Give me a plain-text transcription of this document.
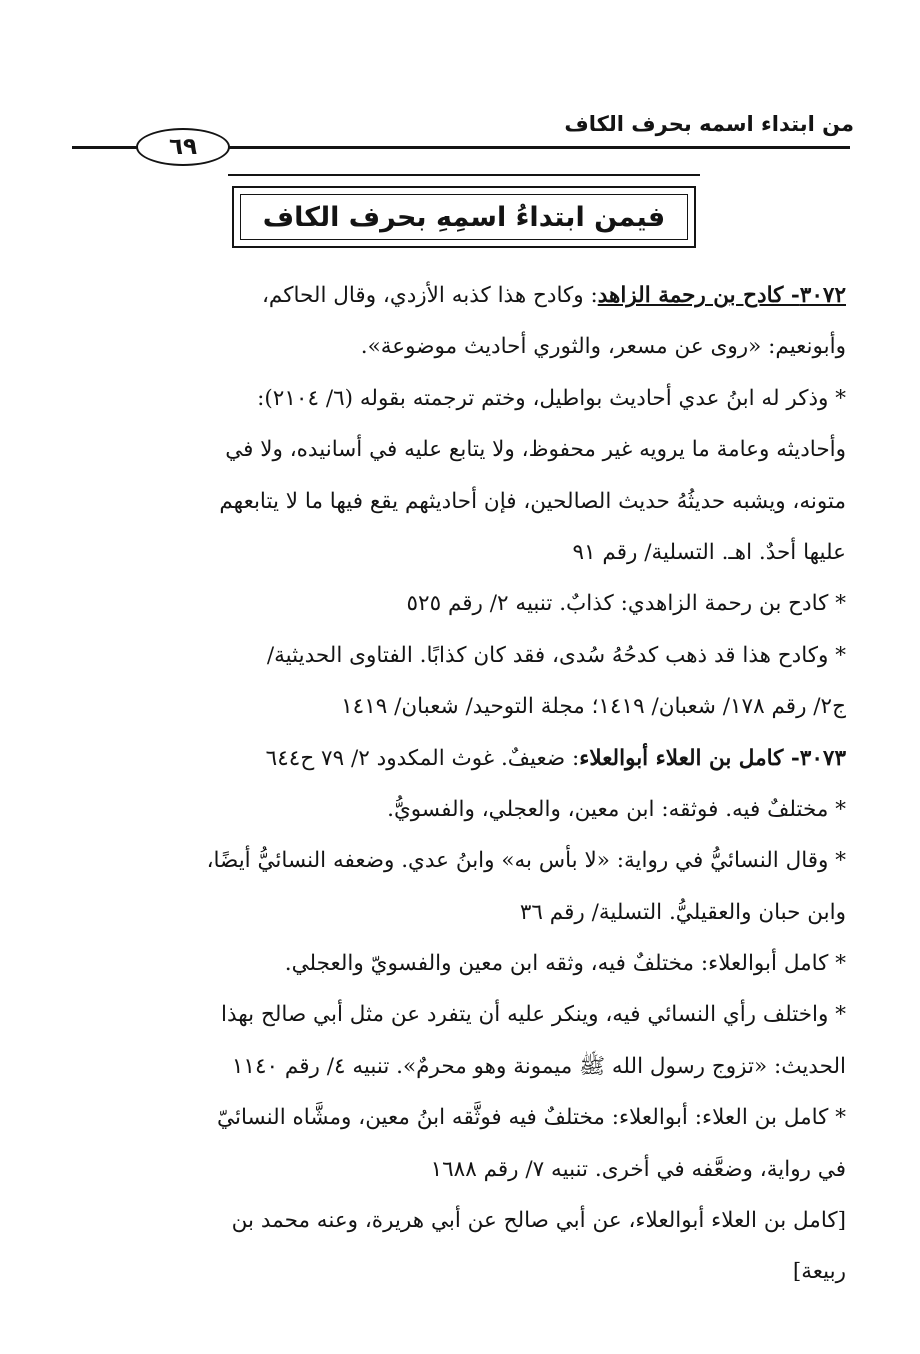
من ابتداء اسمه بحرف الكاف
٦٩
فيمن ابتداءُ اسمِهِ بحرف الكاف
٣٠٧٢- كادح بن رحمة الزاهد: وكادح هذا كذبه الأزدي، وقال الحاكم،
وأبونعيم: «روى عن مسعر، والثوري أحاديث موضوعة».
* وذكر له ابنُ عدي أحاديث بواطيل، وختم ترجمته بقوله (٦/ ٢١٠٤):
وأحاديثه وعامة ما يرويه غير محفوظ، ولا يتابع عليه في أسانيده، ولا في
متونه، ويشبه حديثُهُ حديث الصالحين، فإن أحاديثهم يقع فيها ما لا يتابعهم
عليها أحدٌ. اهـ. التسلية/ رقم ٩١
* كادح بن رحمة الزاهدي: كذابٌ. تنبيه ٢/ رقم ٥٢٥
* وكادح هذا قد ذهب كدحُهُ سُدى، فقد كان كذابًا. الفتاوى الحديثية/
ج٢/ رقم ١٧٨/ شعبان/ ١٤١٩؛ مجلة التوحيد/ شعبان/ ١٤١٩
٣٠٧٣- كامل بن العلاء أبوالعلاء: ضعيفٌ. غوث المكدود ٢/ ٧٩ ح٦٤٤
* مختلفٌ فيه. فوثقه: ابن معين، والعجلي، والفسويُّ.
* وقال النسائيُّ في رواية: «لا بأس به» وابنُ عدي. وضعفه النسائيُّ أيضًا،
وابن حبان والعقيليُّ. التسلية/ رقم ٣٦
* كامل أبوالعلاء: مختلفٌ فيه، وثقه ابن معين والفسويّ والعجلي.
* واختلف رأي النسائي فيه، وينكر عليه أن يتفرد عن مثل أبي صالح بهذا
الحديث: «تزوج رسول الله ﷺ ميمونة وهو محرمٌ». تنبيه ٤/ رقم ١١٤٠
* كامل بن العلاء: أبوالعلاء: مختلفٌ فيه فوثَّقه ابنُ معين، ومشَّاه النسائيّ
في رواية، وضعَّفه في أخرى. تنبيه ٧/ رقم ١٦٨٨
[كامل بن العلاء أبوالعلاء، عن أبي صالح عن أبي هريرة، وعنه محمد بن
ربيعة]
